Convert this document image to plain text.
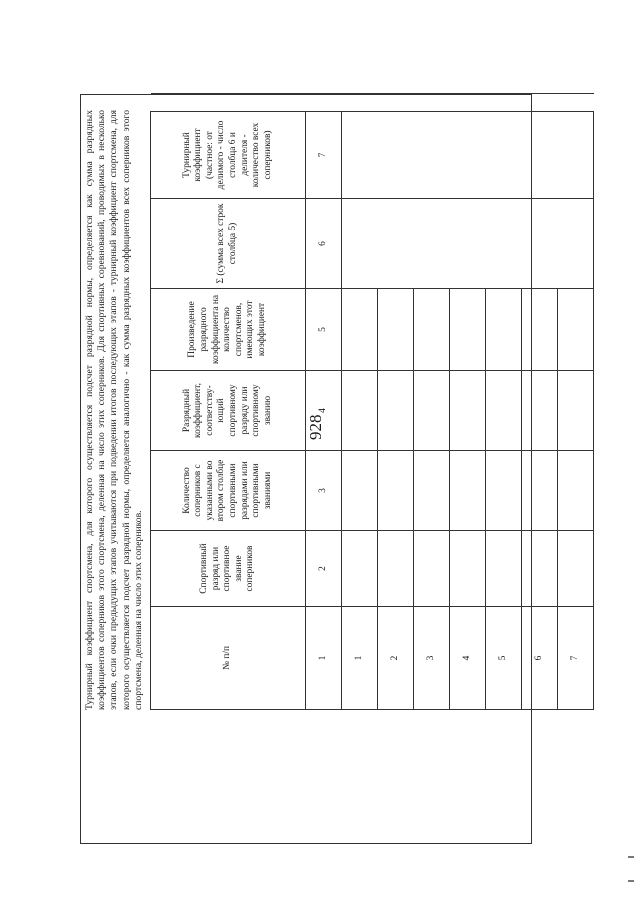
928
Турнирный коэффициент спортсмена, для которого осуществляется подсчет разрядной нормы, определяется как сумма разрядных коэффициентов соперников этого спортсмена, деленная на число этих соперников. Для спортивных соревнований, проводимых в несколько этапов, если очки предыдущих этапов учитываются при подведении итогов последующих этапов - турнирный коэффициент спортсмена, для которого осуществляется подсчет разрядной нормы, определяется аналогично - как сумма разрядных коэффициентов всех соперников этого спортсмена, деленная на число этих соперников.	№ п/п	Спортивный разряд или спортивное звание соперников	Количество соперников с указанными во втором столбце спортивными разрядами или спортивными званиями	Разрядный коэффициент, соответству- ющий спортивному разряду или спортивному званию	Произведение разрядного коэффициента на количество спортсменов, имеющих этот коэффициент	Σ (сумма всех строк столбца 5)	Турнирный коэффициент (частное: от делимого - число столбца 6 и делителя - количество всех соперников)	
1	2	3	4	5	6	7	
1							
2							
3							
4							
5							
6							
7							
